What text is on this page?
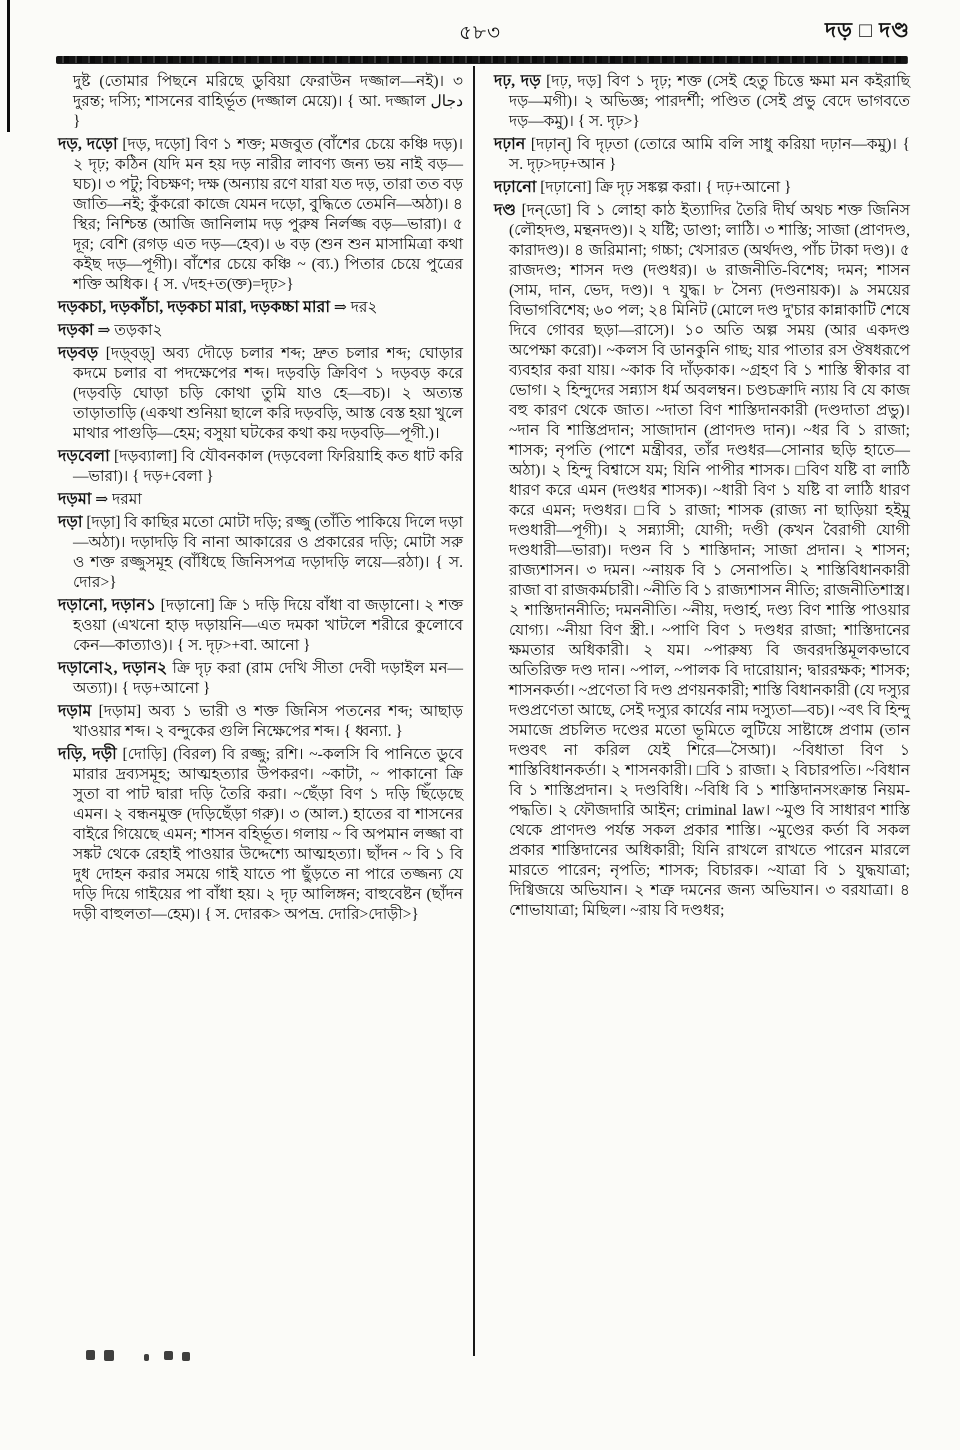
৫৮৩	দড় □ দণ্ড

দুষ্ট (তোমার পিছনে মরিছে ডুবিয়া ফেরাউন দজ্জাল—নই)। ৩ দুরন্ত; দস্যি; শাসনের বাহির্ভূত (দজ্জাল মেয়ে)। { আ. দজ্জাল دجال }

দড়, দড়ো [দড়, দড়ো] বিণ ১ শক্ত; মজবুত (বাঁশের চেয়ে কঞ্চি দড়)। ২ দৃঢ়; কঠিন (যদি মন হয় দড় নারীর লাবণ্য জন্য ভয় নাই বড়—ঘচ)। ৩ পটু; বিচক্ষণ; দক্ষ (অন্যায় রণে যারা যত দড়, তারা তত বড় জাতি—নই; কুঁকরো কাজে যেমন দড়ো, বুদ্ধিতে তেমনি—অঠা)। ৪ স্থির; নিশ্চিন্ত (আজি জানিলাম দড় পুরুষ নির্লজ্জ বড়—ভারা)। ৫ দূর; বেশি (রগড় এত দড়—হেব)। ৬ বড় (শুন শুন মাসামিত্রা কথা কইছ দড়—পূগী)। বাঁশের চেয়ে কঞ্চি ~ (ব্য.) পিতার চেয়ে পুত্রের শক্তি অধিক। { স. √দহ+ত(ক্ত)=দৃঢ়>}

দড়কচা, দড়কাঁচা, দড়কচা মারা, দড়কচ্চা মারা ⇒ দর২

দড়কা ⇒ তড়কা২

দড়বড় [দড়্‌বড়্‌] অব্য দৌড়ে চলার শব্দ; দ্রুত চলার শব্দ; ঘোড়ার কদমে চলার বা পদক্ষেপের শব্দ। দড়বড়ি ক্রিবিণ ১ দড়বড় করে (দড়বড়ি ঘোড়া চড়ি কোথা তুমি যাও হে—বচ)। ২ অত্যন্ত তাড়াতাড়ি (একথা শুনিয়া ছালে করি দড়বড়ি, আস্ত বেস্ত হয়া খুলে মাথার পাগুড়ি—হেম; বসুয়া ঘটকের কথা কয় দড়বড়ি—পূগী.)।

দড়বেলা [দড়ব্যালা] বি যৌবনকাল (দড়বেলা ফিরিয়াহি কত ধাট করি—ভারা)। { দড়+বেলা }

দড়মা ⇒ দরমা

দড়া [দড়া] বি কাছির মতো মোটা দড়ি; রজ্জু (তাঁতি পাকিয়ে দিলে দড়া—অঠা)। দড়াদড়ি বি নানা আকারের ও প্রকারের দড়ি; মোটা সরু ও শক্ত রজ্জুসমূহ (বাঁধিছে জিনিসপত্র দড়াদড়ি লয়ে—রঠা)। { স. দোর>}

দড়ানো, দড়ান১ [দড়ানো] ক্রি ১ দড়ি দিয়ে বাঁধা বা জড়ানো। ২ শক্ত হওয়া (এখনো হাড় দড়ায়নি—এত দমকা খাটলে শরীরে কুলোবে কেন—কাত্যাও)। { স. দৃঢ়>+বা. আনো }

দড়ানো২, দড়ান২ ক্রি দৃঢ় করা (রাম দেখি সীতা দেবী দড়াইল মন—অত্যা)। { দড়+আনো }

দড়াম [দড়াম] অব্য ১ ভারী ও শক্ত জিনিস পতনের শব্দ; আছাড় খাওয়ার শব্দ। ২ বন্দুকের গুলি নিক্ষেপের শব্দ। { ধ্বন্যা. }

দড়ি, দড়ী [দোড়ি] (বিরল) বি রজ্জু; রশি। ~-কলসি বি পানিতে ডুবে মারার দ্রব্যসমূহ; আত্মহত্যার উপকরণ। ~কাটা, ~ পাকানো ক্রি সুতা বা পাট দ্বারা দড়ি তৈরি করা। ~ছেঁড়া বিণ ১ দড়ি ছিঁড়েছে এমন। ২ বন্ধনমুক্ত (দড়িছেঁড়া গরু)। ৩ (আল.) হাতের বা শাসনের বাইরে গিয়েছে এমন; শাসন বহির্ভূত। গলায় ~ বি অপমান লজ্জা বা সঙ্কট থেকে রেহাই পাওয়ার উদ্দেশ্যে আত্মহত্যা। ছাঁদন ~ বি ১ বি দুধ দোহন করার সময়ে গাই যাতে পা ছুঁড়তে না পারে তজ্জন্য যে দড়ি দিয়ে গাইয়ের পা বাঁধা হয়। ২ দৃঢ় আলিঙ্গন; বাহুবেষ্টন (ছাঁদন দড়ী বাহুলতা—হেম)। { স. দোরক> অপভ্র. দোরি>দোড়ী>}

দঢ়, দড় [দঢ়, দড়] বিণ ১ দৃঢ়; শক্ত (সেই হেতু চিত্তে ক্ষমা মন কইরাছি দড়—মগী)। ২ অভিজ্ঞ; পারদর্শী; পণ্ডিত (সেই প্রভু বেদে ভাগবতে দড়—কমু)। { স. দৃঢ়>}

দঢ়ান [দঢ়ান্‌] বি দৃঢ়তা (তোরে আমি বলি সাধু করিয়া দঢ়ান—কমু)। { স. দৃঢ়>দঢ়+আন }

দঢ়ানো [দঢ়ানো] ক্রি দৃঢ় সঙ্কল্প করা। { দঢ়+আনো }

দণ্ড [দন্‌ডো] বি ১ লোহা কাঠ ইত্যাদির তৈরি দীর্ঘ অথচ শক্ত জিনিস (লৌহদণ্ড, মন্থনদণ্ড)। ২ যষ্টি; ডাণ্ডা; লাঠি। ৩ শাস্তি; সাজা (প্রাণদণ্ড, কারাদণ্ড)। ৪ জরিমানা; গচ্চা; খেসারত (অর্থদণ্ড, পাঁচ টাকা দণ্ড)। ৫ রাজদণ্ড; শাসন দণ্ড (দণ্ডধর)। ৬ রাজনীতি-বিশেষ; দমন; শাসন (সাম, দান, ভেদ, দণ্ড)। ৭ যুদ্ধ। ৮ সৈন্য (দণ্ডনায়ক)। ৯ সময়ের বিভাগবিশেষ; ৬০ পল; ২৪ মিনিট (মোলে দণ্ড দু'চার কান্নাকাটি শেষে দিবে গোবর ছড়া—রাসে)। ১০ অতি অল্প সময় (আর একদণ্ড অপেক্ষা করো)। ~কলস বি ডানকুনি গাছ; যার পাতার রস ঔষধরূপে ব্যবহার করা যায়। ~কাক বি দাঁড়কাক। ~গ্রহণ বি ১ শাস্তি স্বীকার বা ভোগ। ২ হিন্দুদের সন্ন্যাস ধর্ম অবলম্বন। চণ্ডচক্রাদি ন্যায় বি যে কাজ বহু কারণ থেকে জাত। ~দাতা বিণ শাস্তিদানকারী (দণ্ডদাতা প্রভু)। ~দান বি শাস্তিপ্রদান; সাজাদান (প্রাণদণ্ড দান)। ~ধর বি ১ রাজা; শাসক; নৃপতি (পাশে মন্ত্রীবর, তাঁর দণ্ডধর—সোনার ছড়ি হাতে—অঠা)। ২ হিন্দু বিশ্বাসে যম; যিনি পাপীর শাসক। □বিণ যষ্টি বা লাঠি ধারণ করে এমন (দণ্ডধর শাসক)। ~ধারী বিণ ১ যষ্টি বা লাঠি ধারণ করে এমন; দণ্ডধর। □বি ১ রাজা; শাসক (রাজ্য না ছাড়িয়া হইমু দণ্ডধারী—পূগী)। ২ সন্ন্যাসী; যোগী; দণ্ডী (কখন বৈরাগী যোগী দণ্ডধারী—ভারা)। দণ্ডন বি ১ শাস্তিদান; সাজা প্রদান। ২ শাসন; রাজ্যশাসন। ৩ দমন। ~নায়ক বি ১ সেনাপতি। ২ শাস্তিবিধানকারী রাজা বা রাজকর্মচারী। ~নীতি বি ১ রাজ্যশাসন নীতি; রাজনীতিশাস্ত্র। ২ শাস্তিদাননীতি; দমননীতি। ~নীয়, দণ্ডার্হ, দণ্ড্য বিণ শাস্তি পাওয়ার যোগ্য। ~নীয়া বিণ স্ত্রী.। ~পাণি বিণ ১ দণ্ডধর রাজা; শাস্তিদানের ক্ষমতার অধিকারী। ২ যম। ~পারুষ্য বি জবরদস্তিমূলকভাবে অতিরিক্ত দণ্ড দান। ~পাল, ~পালক বি দারোয়ান; দ্বাররক্ষক; শাসক; শাসনকর্তা। ~প্রণেতা বি দণ্ড প্রণয়নকারী; শাস্তি বিধানকারী (যে দস্যুর দণ্ডপ্রণেতা আছে, সেই দস্যুর কার্যের নাম দস্যুতা—বচ)। ~বৎ বি হিন্দু সমাজে প্রচলিত দণ্ডের মতো ভূমিতে লুটিয়ে সাষ্টাঙ্গে প্রণাম (তান দণ্ডবৎ না করিল যেই শিরে—সৈআ)। ~বিধাতা বিণ ১ শাস্তিবিধানকর্তা। ২ শাসনকারী। □বি ১ রাজা। ২ বিচারপতি। ~বিধান বি ১ শাস্তিপ্রদান। ২ দণ্ডবিধি। ~বিধি বি ১ শাস্তিদানসংক্রান্ত নিয়ম-পদ্ধতি। ২ ফৌজদারি আইন; criminal law। ~মুণ্ড বি সাধারণ শাস্তি থেকে প্রাণদণ্ড পর্যন্ত সকল প্রকার শাস্তি। ~মুণ্ডের কর্তা বি সকল প্রকার শাস্তিদানের অধিকারী; যিনি রাখলে রাখতে পারেন মারলে মারতে পারেন; নৃপতি; শাসক; বিচারক। ~যাত্রা বি ১ যুদ্ধযাত্রা; দিগ্বিজয়ে অভিযান। ২ শত্রু দমনের জন্য অভিযান। ৩ বরযাত্রা। ৪ শোভাযাত্রা; মিছিল। ~রায় বি দণ্ডধর;
